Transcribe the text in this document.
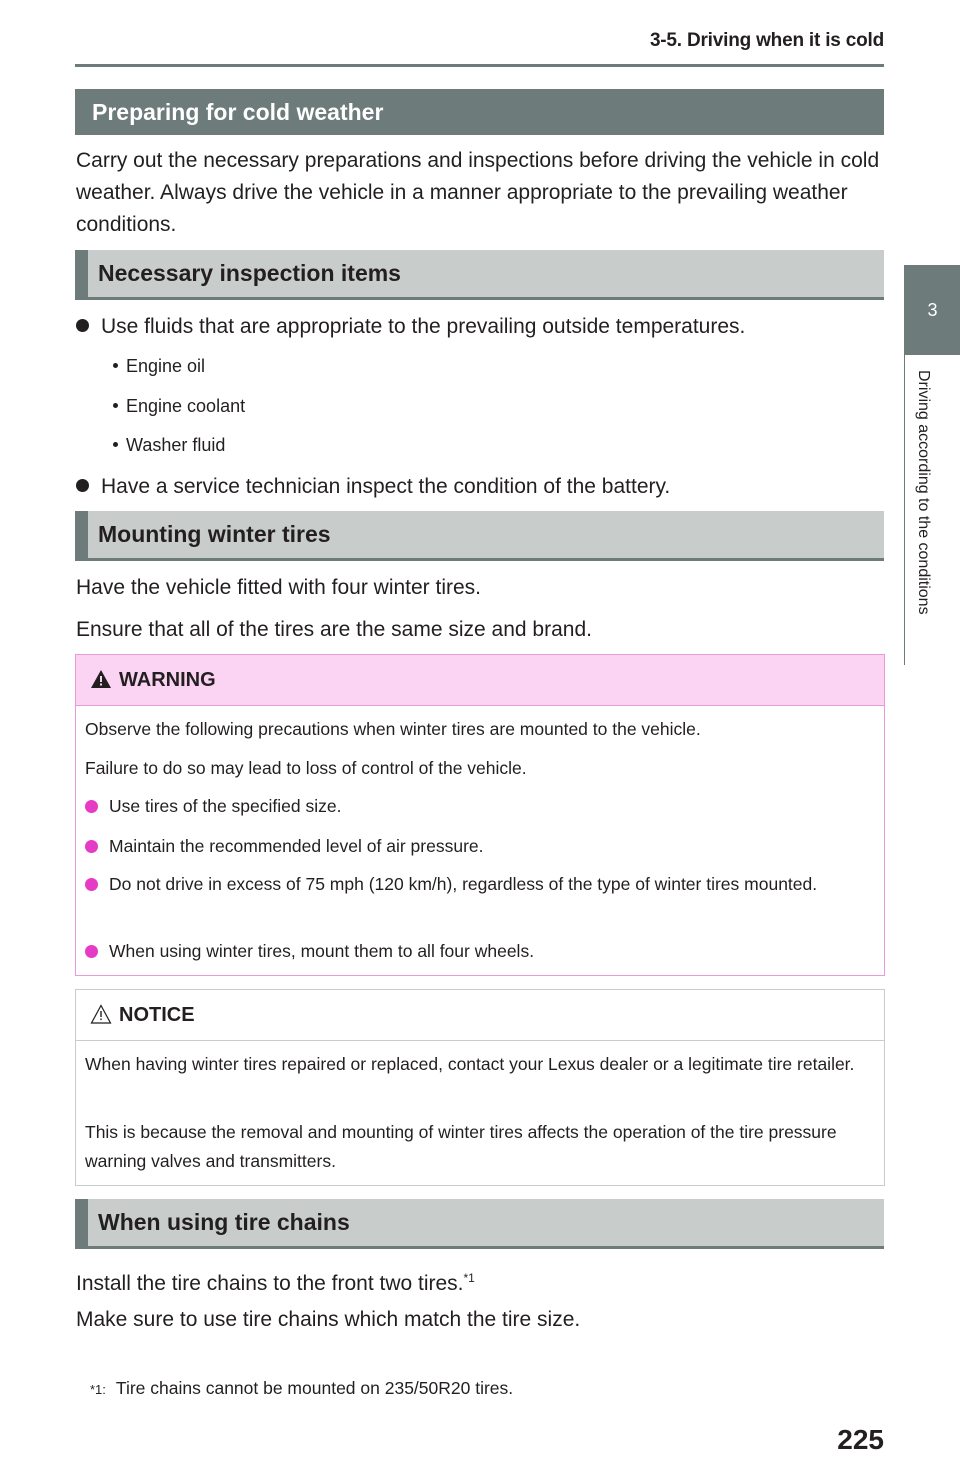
3-5. Driving when it is cold
3
Driving according to the conditions
Preparing for cold weather

Carry out the necessary preparations and inspections before driving the vehicle in cold weather. Always drive the vehicle in a manner appropriate to the prevailing weather conditions.

Necessary inspection items
Use fluids that are appropriate to the prevailing outside temperatures.
Engine oil
Engine coolant
Washer fluid
Have a service technician inspect the condition of the battery.
Mounting winter tires

Have the vehicle fitted with four winter tires.

Ensure that all of the tires are the same size and brand.

WARNING

Observe the following precautions when winter tires are mounted to the vehicle.

Failure to do so may lead to loss of control of the vehicle.

Use tires of the specified size.
Maintain the recommended level of air pressure.
Do not drive in excess of 75 mph (120 km/h), regardless of the type of winter tires mounted.
When using winter tires, mount them to all four wheels.
NOTICE

When having winter tires repaired or replaced, contact your Lexus dealer or a legitimate tire retailer.

This is because the removal and mounting of winter tires affects the operation of the tire pressure warning valves and transmitters.

When using tire chains

Install the tire chains to the front two tires.$^{*1}$

Make sure to use tire chains which match the tire size.

*1: Tire chains cannot be mounted on 235/50R20 tires.
225
